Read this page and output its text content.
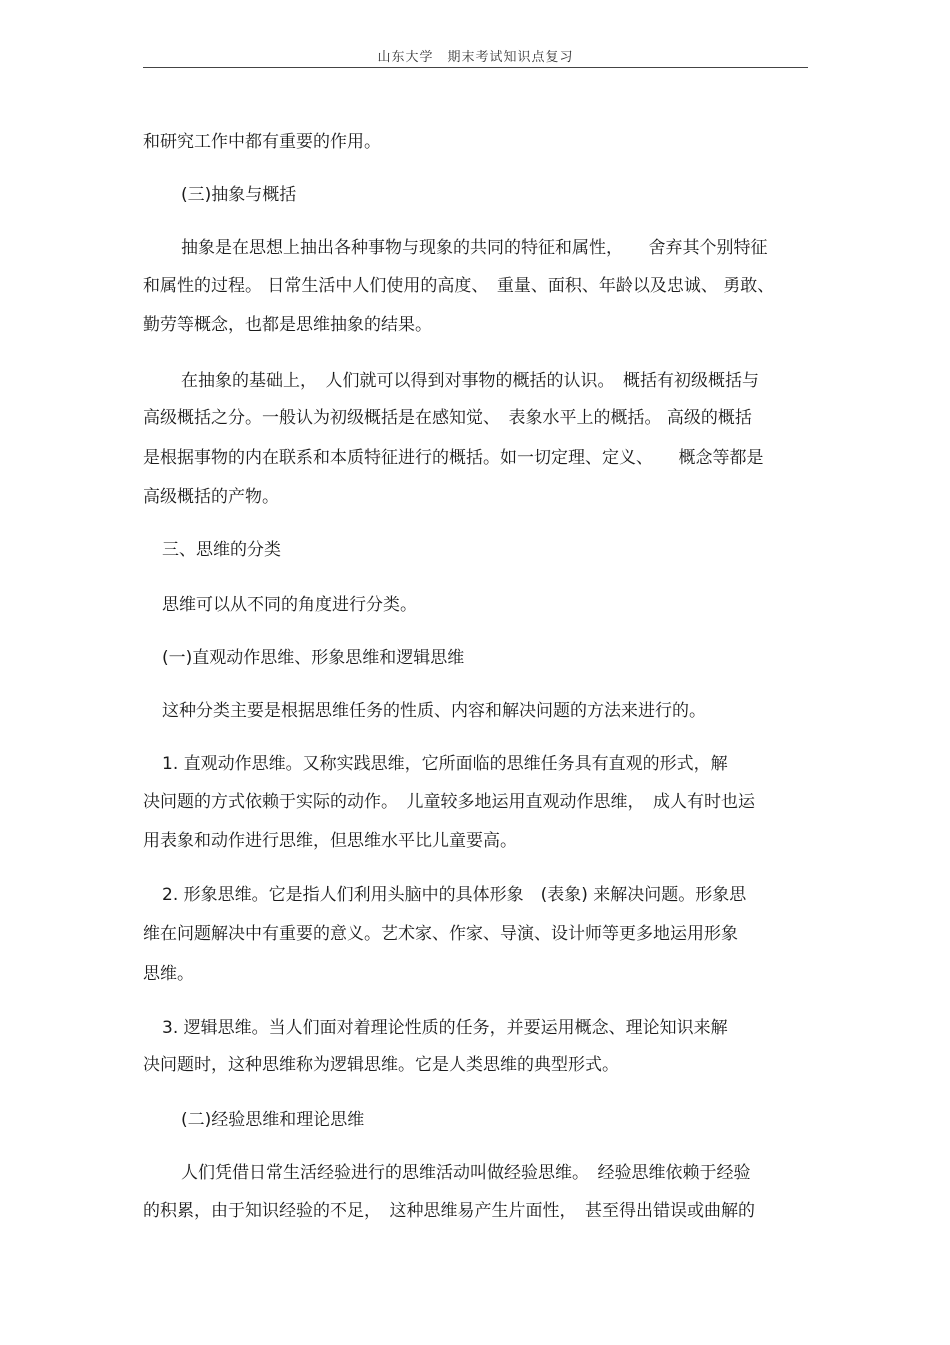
山东大学　期末考试知识点复习

和研究工作中都有重要的作用。

(三)抽象与概括

抽象是在思想上抽出各种事物与现象的共同的特征和属性，　　舍弃其个别特征

和属性的过程。 日常生活中人们使用的高度、　重量、面积、年龄以及忠诚、 勇敢、

勤劳等概念，也都是思维抽象的结果。

在抽象的基础上，　人们就可以得到对事物的概括的认识。　概括有初级概括与

高级概括之分。一般认为初级概括是在感知觉、　表象水平上的概括。 高级的概括

是根据事物的内在联系和本质特征进行的概括。如一切定理、定义、　　概念等都是

高级概括的产物。

三、思维的分类

思维可以从不同的角度进行分类。

(一)直观动作思维、形象思维和逻辑思维

这种分类主要是根据思维任务的性质、内容和解决问题的方法来进行的。

1. 直观动作思维。又称实践思维，它所面临的思维任务具有直观的形式，解

决问题的方式依赖于实际的动作。　儿童较多地运用直观动作思维，　成人有时也运

用表象和动作进行思维，但思维水平比儿童要高。

2. 形象思维。它是指人们利用头脑中的具体形象　(表象) 来解决问题。形象思

维在问题解决中有重要的意义。艺术家、作家、导演、设计师等更多地运用形象

思维。

3. 逻辑思维。当人们面对着理论性质的任务，并要运用概念、理论知识来解

决问题时，这种思维称为逻辑思维。它是人类思维的典型形式。

(二)经验思维和理论思维

人们凭借日常生活经验进行的思维活动叫做经验思维。　经验思维依赖于经验

的积累，由于知识经验的不足，　这种思维易产生片面性，　甚至得出错误或曲解的
